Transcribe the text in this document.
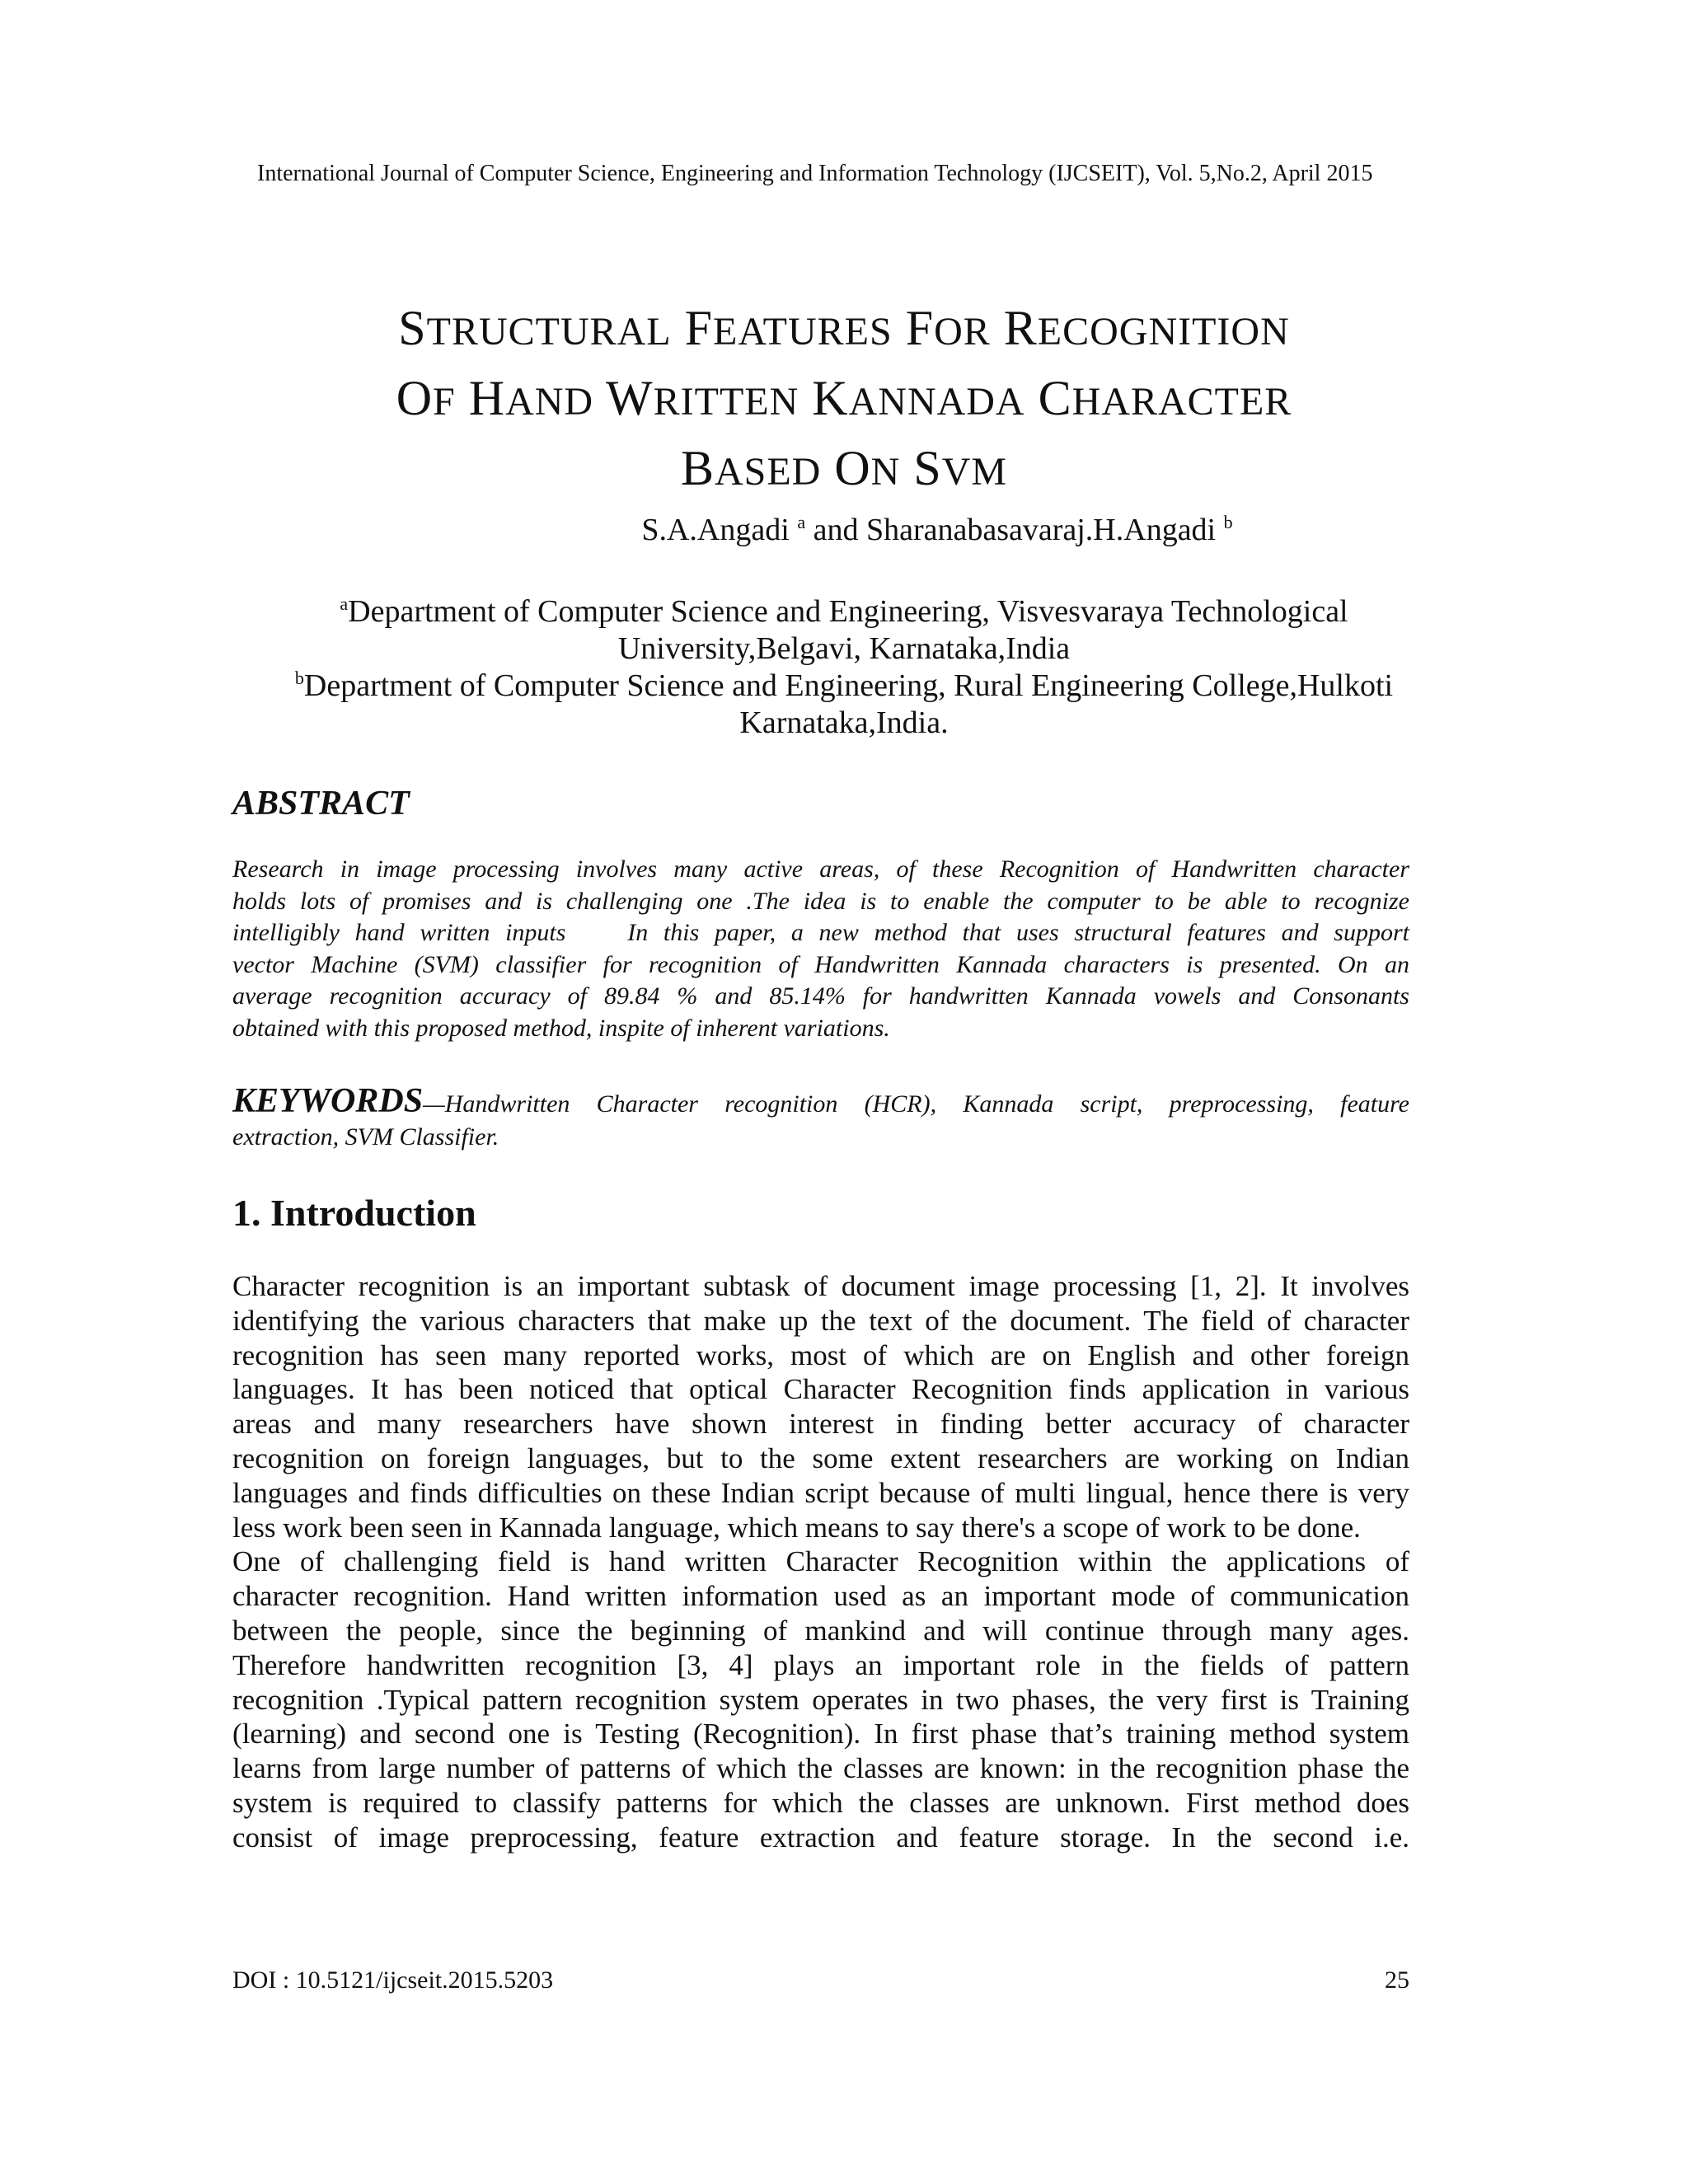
International Journal of Computer Science, Engineering and Information Technology (IJCSEIT), Vol. 5,No.2, April 2015
STRUCTURAL FEATURES FOR RECOGNITION
OF HAND WRITTEN KANNADA CHARACTER
BASED ON SVM
S.A.Angadi $^a$ and Sharanabasavaraj.H.Angadi $^b$
$^a$Department of Computer Science and Engineering, Visvesvaraya Technological
University,Belgavi, Karnataka,India
$^b$Department of Computer Science and Engineering, Rural Engineering College,Hulkoti
Karnataka,India.
ABSTRACT

Research in image processing involves many active areas, of these Recognition of Handwritten character
holds lots of promises and is challenging one .The idea is to enable the computer to be able to recognize
intelligibly hand written inputs    In this paper, a new method that uses structural features and support
vector Machine (SVM) classifier for recognition of Handwritten Kannada characters is presented. On an
average recognition accuracy of 89.84 % and 85.14% for handwritten Kannada vowels and Consonants
obtained with this proposed method, inspite of inherent variations.

KEYWORDS—Handwritten Character recognition (HCR), Kannada script, preprocessing, feature
extraction, SVM Classifier.

1. Introduction

Character recognition is an important subtask of document image processing [1, 2]. It involves
identifying the various characters that make up the text of the document. The field of character
recognition has seen many reported works, most of which are on English and other foreign
languages. It has been noticed that optical Character Recognition finds application in various
areas and many researchers have shown interest in finding better accuracy of character
recognition on foreign languages, but to the some extent researchers are working on Indian
languages and finds difficulties on these Indian script because of multi lingual, hence there is very
less work been seen in Kannada language, which means to say there's a scope of work to be done.
One of challenging field is hand written Character Recognition within the applications of
character recognition. Hand written information used as an important mode of communication
between the people, since the beginning of mankind and will continue through many ages.
Therefore handwritten recognition [3, 4] plays an important role in the fields of pattern
recognition .Typical pattern recognition system operates in two phases, the very first is Training
(learning) and second one is Testing (Recognition). In first phase that’s training method system
learns from large number of patterns of which the classes are known: in the recognition phase the
system is required to classify patterns for which the classes are unknown. First method does
consist of image preprocessing, feature extraction and feature storage. In the second i.e.

DOI : 10.5121/ijcseit.2015.5203	25
